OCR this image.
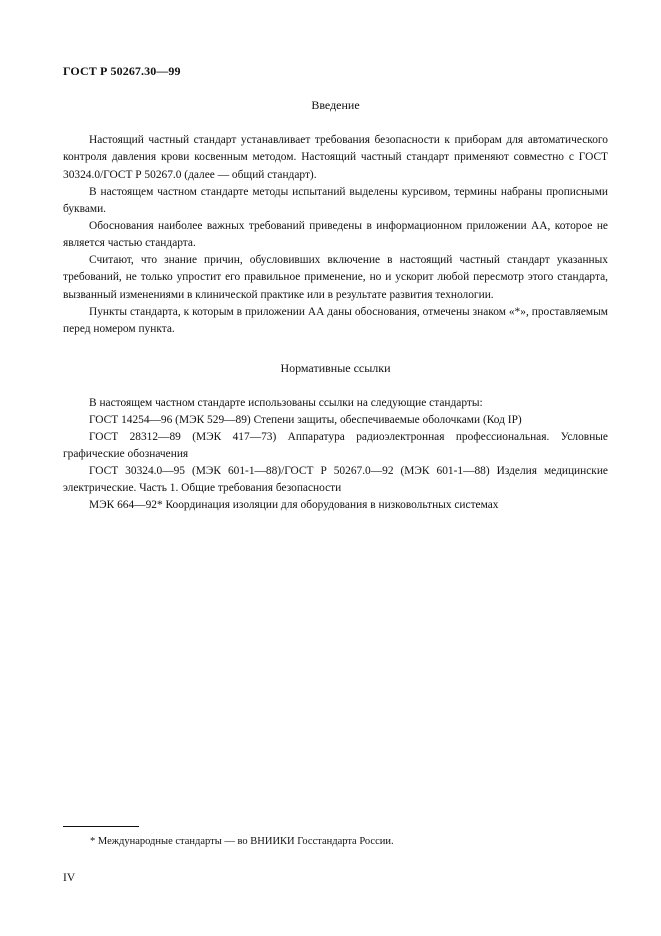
ГОСТ Р 50267.30—99
Введение
Настоящий частный стандарт устанавливает требования безопасности к приборам для автоматического контроля давления крови косвенным методом. Настоящий частный стандарт применяют совместно с ГОСТ 30324.0/ГОСТ Р 50267.0 (далее — общий стандарт).
В настоящем частном стандарте методы испытаний выделены курсивом, термины набраны прописными буквами.
Обоснования наиболее важных требований приведены в информационном приложении АА, которое не является частью стандарта.
Считают, что знание причин, обусловивших включение в настоящий частный стандарт указанных требований, не только упростит его правильное применение, но и ускорит любой пересмотр этого стандарта, вызванный изменениями в клинической практике или в результате развития технологии.
Пункты стандарта, к которым в приложении АА даны обоснования, отмечены знаком «*», проставляемым перед номером пункта.
Нормативные ссылки
В настоящем частном стандарте использованы ссылки на следующие стандарты:
ГОСТ 14254—96 (МЭК 529—89) Степени защиты, обеспечиваемые оболочками (Код IP)
ГОСТ 28312—89 (МЭК 417—73) Аппаратура радиоэлектронная профессиональная. Условные графические обозначения
ГОСТ 30324.0—95 (МЭК 601-1—88)/ГОСТ Р 50267.0—92 (МЭК 601-1—88) Изделия медицинские электрические. Часть 1. Общие требования безопасности
МЭК 664—92* Координация изоляции для оборудования в низковольтных системах
* Международные стандарты — во ВНИИКИ Госстандарта России.
IV
